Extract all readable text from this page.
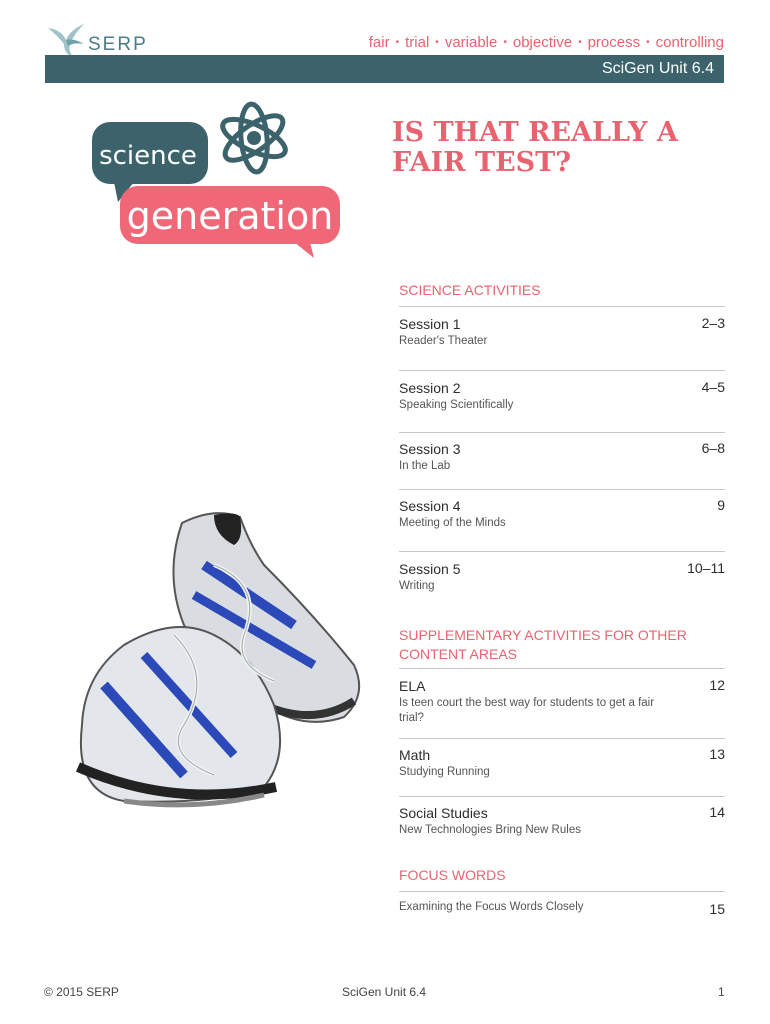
SERP	fair • trial • variable • objective • process • controlling
SciGen Unit 6.4
science
generation
IS THAT REALLY A FAIR TEST?

SCIENCE ACTIVITIES

Session 1
Reader's Theater
2–3
Session 2
Speaking Scientifically
4–5
Session 3
In the Lab
6–8
Session 4
Meeting of the Minds
9
Session 5
Writing
10–11

SUPPLEMENTARY ACTIVITIES FOR OTHER CONTENT AREAS

ELA
Is teen court the best way for students to get a fair trial?
12
Math
Studying Running
13
Social Studies
New Technologies Bring New Rules
14

FOCUS WORDS

Examining the Focus Words Closely	15
© 2015 SERP	SciGen Unit 6.4	1
